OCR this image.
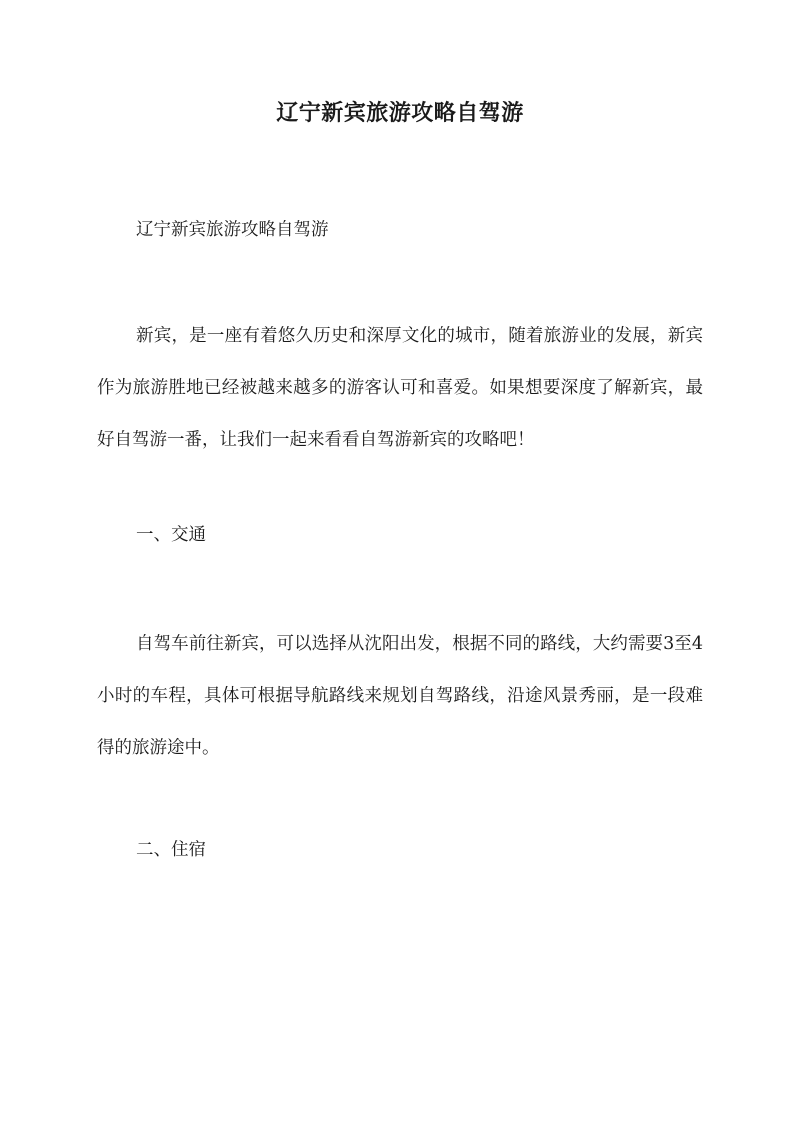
辽宁新宾旅游攻略自驾游

辽宁新宾旅游攻略自驾游

新宾，是一座有着悠久历史和深厚文化的城市，随着旅游业的发展，新宾作为旅游胜地已经被越来越多的游客认可和喜爱。如果想要深度了解新宾，最好自驾游一番，让我们一起来看看自驾游新宾的攻略吧！

一、交通

自驾车前往新宾，可以选择从沈阳出发，根据不同的路线，大约需要3至4小时的车程，具体可根据导航路线来规划自驾路线，沿途风景秀丽，是一段难得的旅游途中。

二、住宿
